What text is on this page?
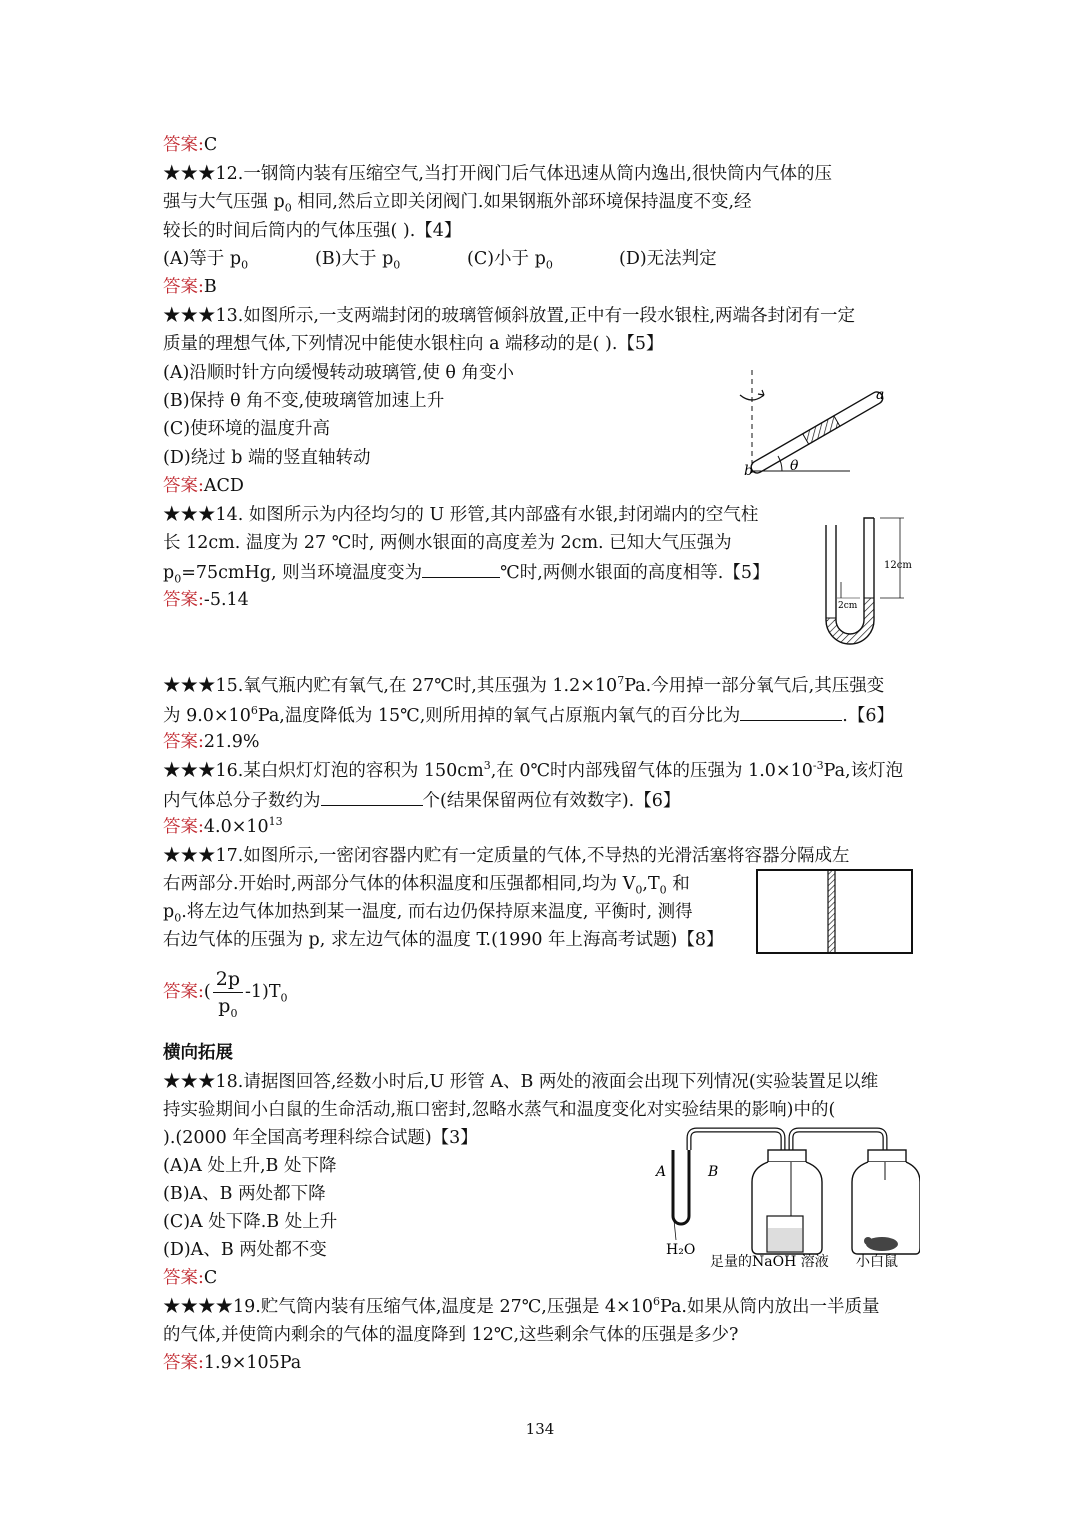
答案:C
★★★12.一钢筒内装有压缩空气,当打开阀门后气体迅速从筒内逸出,很快筒内气体的压
强与大气压强 $p_0$ 相同,然后立即关闭阀门.如果钢瓶外部环境保持温度不变,经
较长的时间后筒内的气体压强( ).【4】
(A)等于 $p_0$	(B)大于 $p_0$	(C)小于 $p_0$	(D)无法判定
答案:B
★★★13.如图所示,一支两端封闭的玻璃管倾斜放置,正中有一段水银柱,两端各封闭有一定
质量的理想气体,下列情况中能使水银柱向 a 端移动的是( ).【5】
(A)沿顺时针方向缓慢转动玻璃管,使 θ 角变小
(B)保持 θ 角不变,使玻璃管加速上升
(C)使环境的温度升高
(D)绕过 b 端的竖直轴转动
答案:ACD
b
a
θ
★★★14. 如图所示为内径均匀的 U 形管,其内部盛有水银,封闭端内的空气柱
长 12cm. 温度为 27 ℃时, 两侧水银面的高度差为 2cm. 已知大气压强为
$p_0=75cmHg$, 则当环境温度变为	℃时,两侧水银面的高度相等.【5】
答案:-5.14
12cm
2cm
★★★15.氧气瓶内贮有氧气,在 27℃时,其压强为 $1.2\times 10^7Pa$.今用掉一部分氧气后,其压强变
为 $9.0\times 10^6Pa$,温度降低为 15℃,则所用掉的氧气占原瓶内氧气的百分比为	.【6】
答案:21.9%
★★★16.某白炽灯灯泡的容积为 $150cm^3$,在 0℃时内部残留气体的压强为 $1.0\times 10^{-3}Pa$,该灯泡
内气体总分子数约为	个(结果保留两位有效数字).【6】
答案$:4.0\times 10^{13}$
★★★17.如图所示,一密闭容器内贮有一定质量的气体,不导热的光滑活塞将容器分隔成左
右两部分.开始时,两部分气体的体积温度和压强都相同,均为 $V_0,T_0$ 和
$p_0$.将左边气体加热到某一温度, 而右边仍保持原来温度, 平衡时, 测得
右边气体的压强为 p, 求左边气体的温度 T.(1990 年上海高考试题)【8】
答案:( $\frac{2p}{p_0} -1)T_0$
横向拓展
★★★18.请据图回答,经数小时后,U 形管 A、B 两处的液面会出现下列情况(实验装置足以维
持实验期间小白鼠的生命活动,瓶口密封,忽略水蒸气和温度变化对实验结果的影响)中的(
).(2000 年全国高考理科综合试题)【3】
(A)A 处上升,B 处下降
(B)A、B 两处都下降
(C)A 处下降.B 处上升
(D)A、B 两处都不变
答案:C
A	B
H₂O
足量的NaOH 溶液 小白鼠
★★★★19.贮气筒内装有压缩气体,温度是 27℃,压强是 $4\times 10^6Pa$.如果从筒内放出一半质量
的气体,并使筒内剩余的气体的温度降到 12℃,这些剩余气体的压强是多少?
答案:1.9×105Pa
134
